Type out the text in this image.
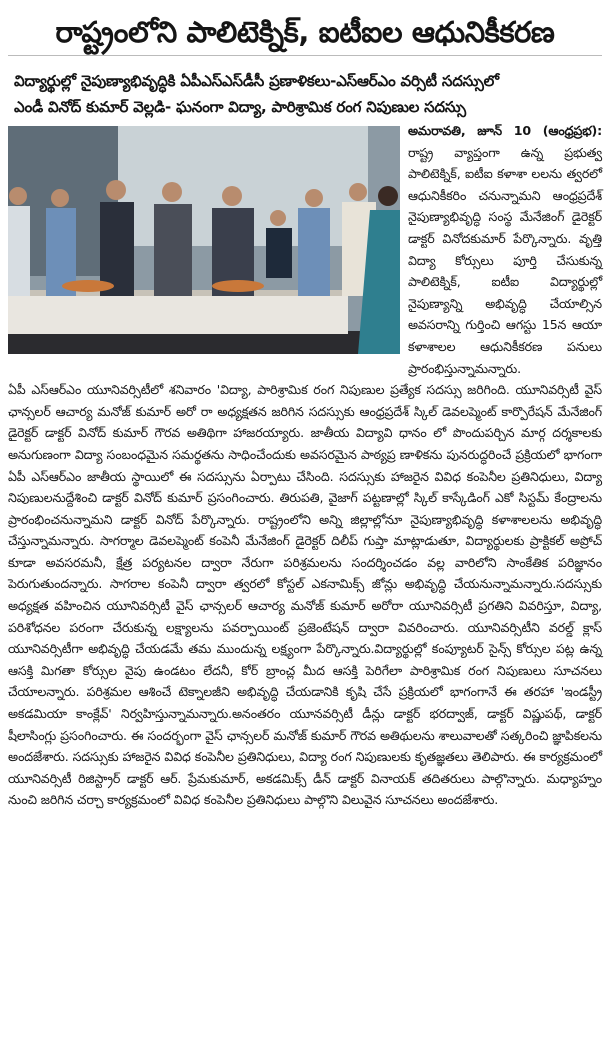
రాష్ట్రంలోని పాలిటెక్నిక్, ఐటీఐల ఆధునికీకరణ

విద్యార్థుల్లో నైపుణ్యాభివృద్ధికి ఏపీఎస్ఎస్‌డీసీ ప్రణాళికలు-ఎస్ఆర్ఎం వర్సిటీ సదస్సులో

ఎండీ వినోద్ కుమార్ వెల్లడి- ఘనంగా విద్యా, పారిశ్రామిక రంగ నిపుణుల సదస్సు

అమరావతి, జూన్ 10 (ఆంధ్రప్రభ):
రాష్ట్ర వ్యాప్తంగా ఉన్న ప్రభుత్వ పాలిటెక్నిక్, ఐటీఐ కళాశా లలను త్వరలో ఆధునికీకరిం చనున్నామని ఆంధ్రప్రదేశ్ నైపుణ్యాభివృద్ధి సంస్థ మేనేజింగ్ డైరెక్టర్ డాక్టర్ వినోదకుమార్ పేర్కొన్నారు. వృత్తి విద్యా కోర్సులు పూర్తి చేసుకున్న పాలిటెక్నిక్, ఐటీఐ విద్యార్థుల్లో నైపుణ్యాన్ని అభివృద్ధి చేయాల్సిన అవసరాన్ని గుర్తించి ఆగస్టు 15న ఆయా కళాశాలల ఆధునికీకరణ పనులు ప్రారంభిస్తున్నామన్నారు.

ఏపీ ఎస్ఆర్ఎం యూనివర్సిటీలో శనివారం 'విద్యా, పారిశ్రామిక రంగ నిపుణుల ప్రత్యేక సదస్సు జరిగింది. యూనివర్సిటీ వైస్ ఛాన్సలర్ ఆచార్య మనోజ్ కుమార్ అరో రా అధ్యక్షతన జరిగిన సదస్సుకు ఆంధ్రప్రదేశ్ స్కిల్ డెవలప్మెంట్ కార్పొరేషన్ మేనేజింగ్ డైరెక్టర్ డాక్టర్ వినోద్ కుమార్ గౌరవ అతిథిగా హాజరయ్యారు. జాతీయ విద్యావి ధానం లో పొందుపర్చిన మార్గ దర్శకాలకు అనుగుణంగా విద్యా సంబంధమైన సమర్థతను సాధించేందుకు అవసరమైన పాఠ్యప్ర ణాళికను పునరుద్ధరించే ప్రక్రియలో భాగంగా ఏపీ ఎస్ఆర్ఎం జాతీయ స్థాయిలో ఈ సదస్సును ఏర్పాటు చేసింది. సదస్సుకు హాజరైన వివిధ కంపెనీల ప్రతినిధులు, విద్యా నిపుణులనుద్దేశించి డాక్టర్ వినోద్ కుమార్ ప్రసంగించారు. తిరుపతి, వైజాగ్ పట్టణాల్లో స్కిల్ కాస్కేడింగ్ ఎకో సిస్టమ్ కేంద్రాలను ప్రారంభించనున్నామని డాక్టర్ వినోద్ పేర్కొన్నారు. రాష్ట్రంలోని అన్ని జిల్లాల్లోనూ నైపుణ్యాభివృద్ధి కళాశాలలను అభివృద్ధి చేస్తున్నామన్నారు. సాగర్మాల డెవలప్మెంట్ కంపెనీ మేనేజింగ్ డైరెక్టర్ దిలీప్ గుప్తా మాట్లాడుతూ, విద్యార్థులకు ప్రాక్టికల్ అప్రోచ్ కూడా అవసరమనీ, క్షేత్ర పర్యటనల ద్వారా నేరుగా పరిశ్రమలను సందర్శించడం వల్ల వారిలోని సాంకేతిక పరిజ్ఞానం పెరుగుతుందన్నారు. సాగరాల కంపెనీ ద్వారా త్వరలో కోస్టల్ ఎకనామిక్స్ జోన్లు అభివృద్ధి చేయనున్నామన్నారు.సదస్సుకు అధ్యక్షత వహించిన యూనివర్సిటీ వైస్ ఛాన్సలర్ ఆచార్య మనోజ్ కుమార్ అరోరా యూనివర్సిటీ ప్రగతిని వివరిస్తూ, విద్యా, పరిశోధనల పరంగా చేరుకున్న లక్ష్యాలను పవర్పాయింట్ ప్రజెంటేషన్ ద్వారా వివరించారు. యూనివర్సిటీని వరల్డ్ క్లాస్ యూనివర్సిటీగా అభివృద్ధి చేయడమే తమ ముందున్న లక్ష్యంగా పేర్కొన్నారు.విద్యార్థుల్లో కంప్యూటర్ సైన్స్ కోర్సుల పట్ల ఉన్న ఆసక్తి మిగతా కోర్సుల వైపు ఉండటం లేదనీ, కోర్ బ్రాంచ్ల మీద ఆసక్తి పెరిగేలా పారిశ్రామిక రంగ నిపుణులు సూచనలు చేయాలన్నారు. పరిశ్రమల ఆశించే టెక్నాలజీని అభివృద్ధి చేయడానికి కృషి చేసే ప్రక్రియలో భాగంగానే ఈ తరహా 'ఇండస్ట్రీ అకడమియా కాంక్లేవ్' నిర్వహిస్తున్నామన్నారు.అనంతరం యూనవర్సిటీ డీన్లు డాక్టర్ భరద్వాజ్, డాక్టర్ విష్ణుపథ్, డాక్టర్ షీలాసింగ్లు ప్రసంగించారు. ఈ సందర్భంగా వైస్ ఛాన్సలర్ మనోజ్ కుమార్ గౌరవ అతిథులను శాలువాలతో సత్కరించి జ్ఞాపికలను అందజేశారు. సదస్సుకు హాజరైన వివిధ కంపెనీల ప్రతినిధులు, విద్యా రంగ నిపుణులకు కృతజ్ఞతలు తెలిపారు. ఈ కార్యక్రమంలో యూనివర్సిటీ రిజిస్ట్రార్ డాక్టర్ ఆర్. ప్రేమకుమార్, అకడమిక్స్ డీన్ డాక్టర్ వినాయక్ తదితరులు పాల్గొన్నారు. మధ్యాహ్నం నుంచి జరిగిన చర్చా కార్యక్రమంలో వివిధ కంపెనీల ప్రతినిధులు పాల్గొని విలువైన సూచనలు అందజేశారు.
